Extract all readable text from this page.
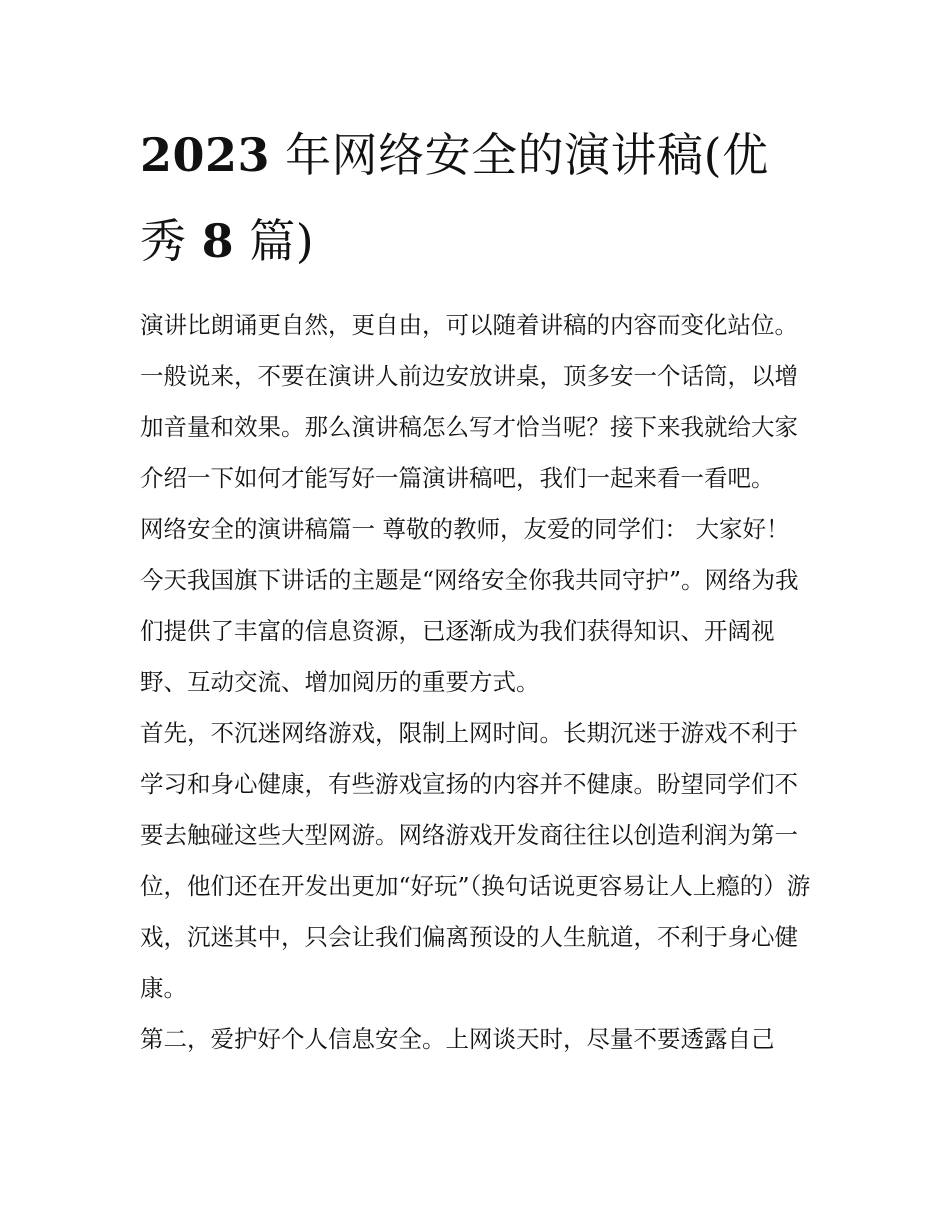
2023 年网络安全的演讲稿(优秀 8 篇)

演讲比朗诵更自然，更自由，可以随着讲稿的内容而变化站位。一般说来，不要在演讲人前边安放讲桌，顶多安一个话筒，以增加音量和效果。那么演讲稿怎么写才恰当呢？接下来我就给大家介绍一下如何才能写好一篇演讲稿吧，我们一起来看一看吧。

网络安全的演讲稿篇一 尊敬的教师，友爱的同学们： 大家好！ 今天我国旗下讲话的主题是“网络安全你我共同守护”。网络为我们提供了丰富的信息资源，已逐渐成为我们获得知识、开阔视野、互动交流、增加阅历的重要方式。

首先，不沉迷网络游戏，限制上网时间。长期沉迷于游戏不利于学习和身心健康，有些游戏宣扬的内容并不健康。盼望同学们不要去触碰这些大型网游。网络游戏开发商往往以创造利润为第一位，他们还在开发出更加“好玩”（换句话说更容易让人上瘾的）游戏，沉迷其中，只会让我们偏离预设的人生航道，不利于身心健康。

第二，爱护好个人信息安全。上网谈天时，尽量不要透露自己
